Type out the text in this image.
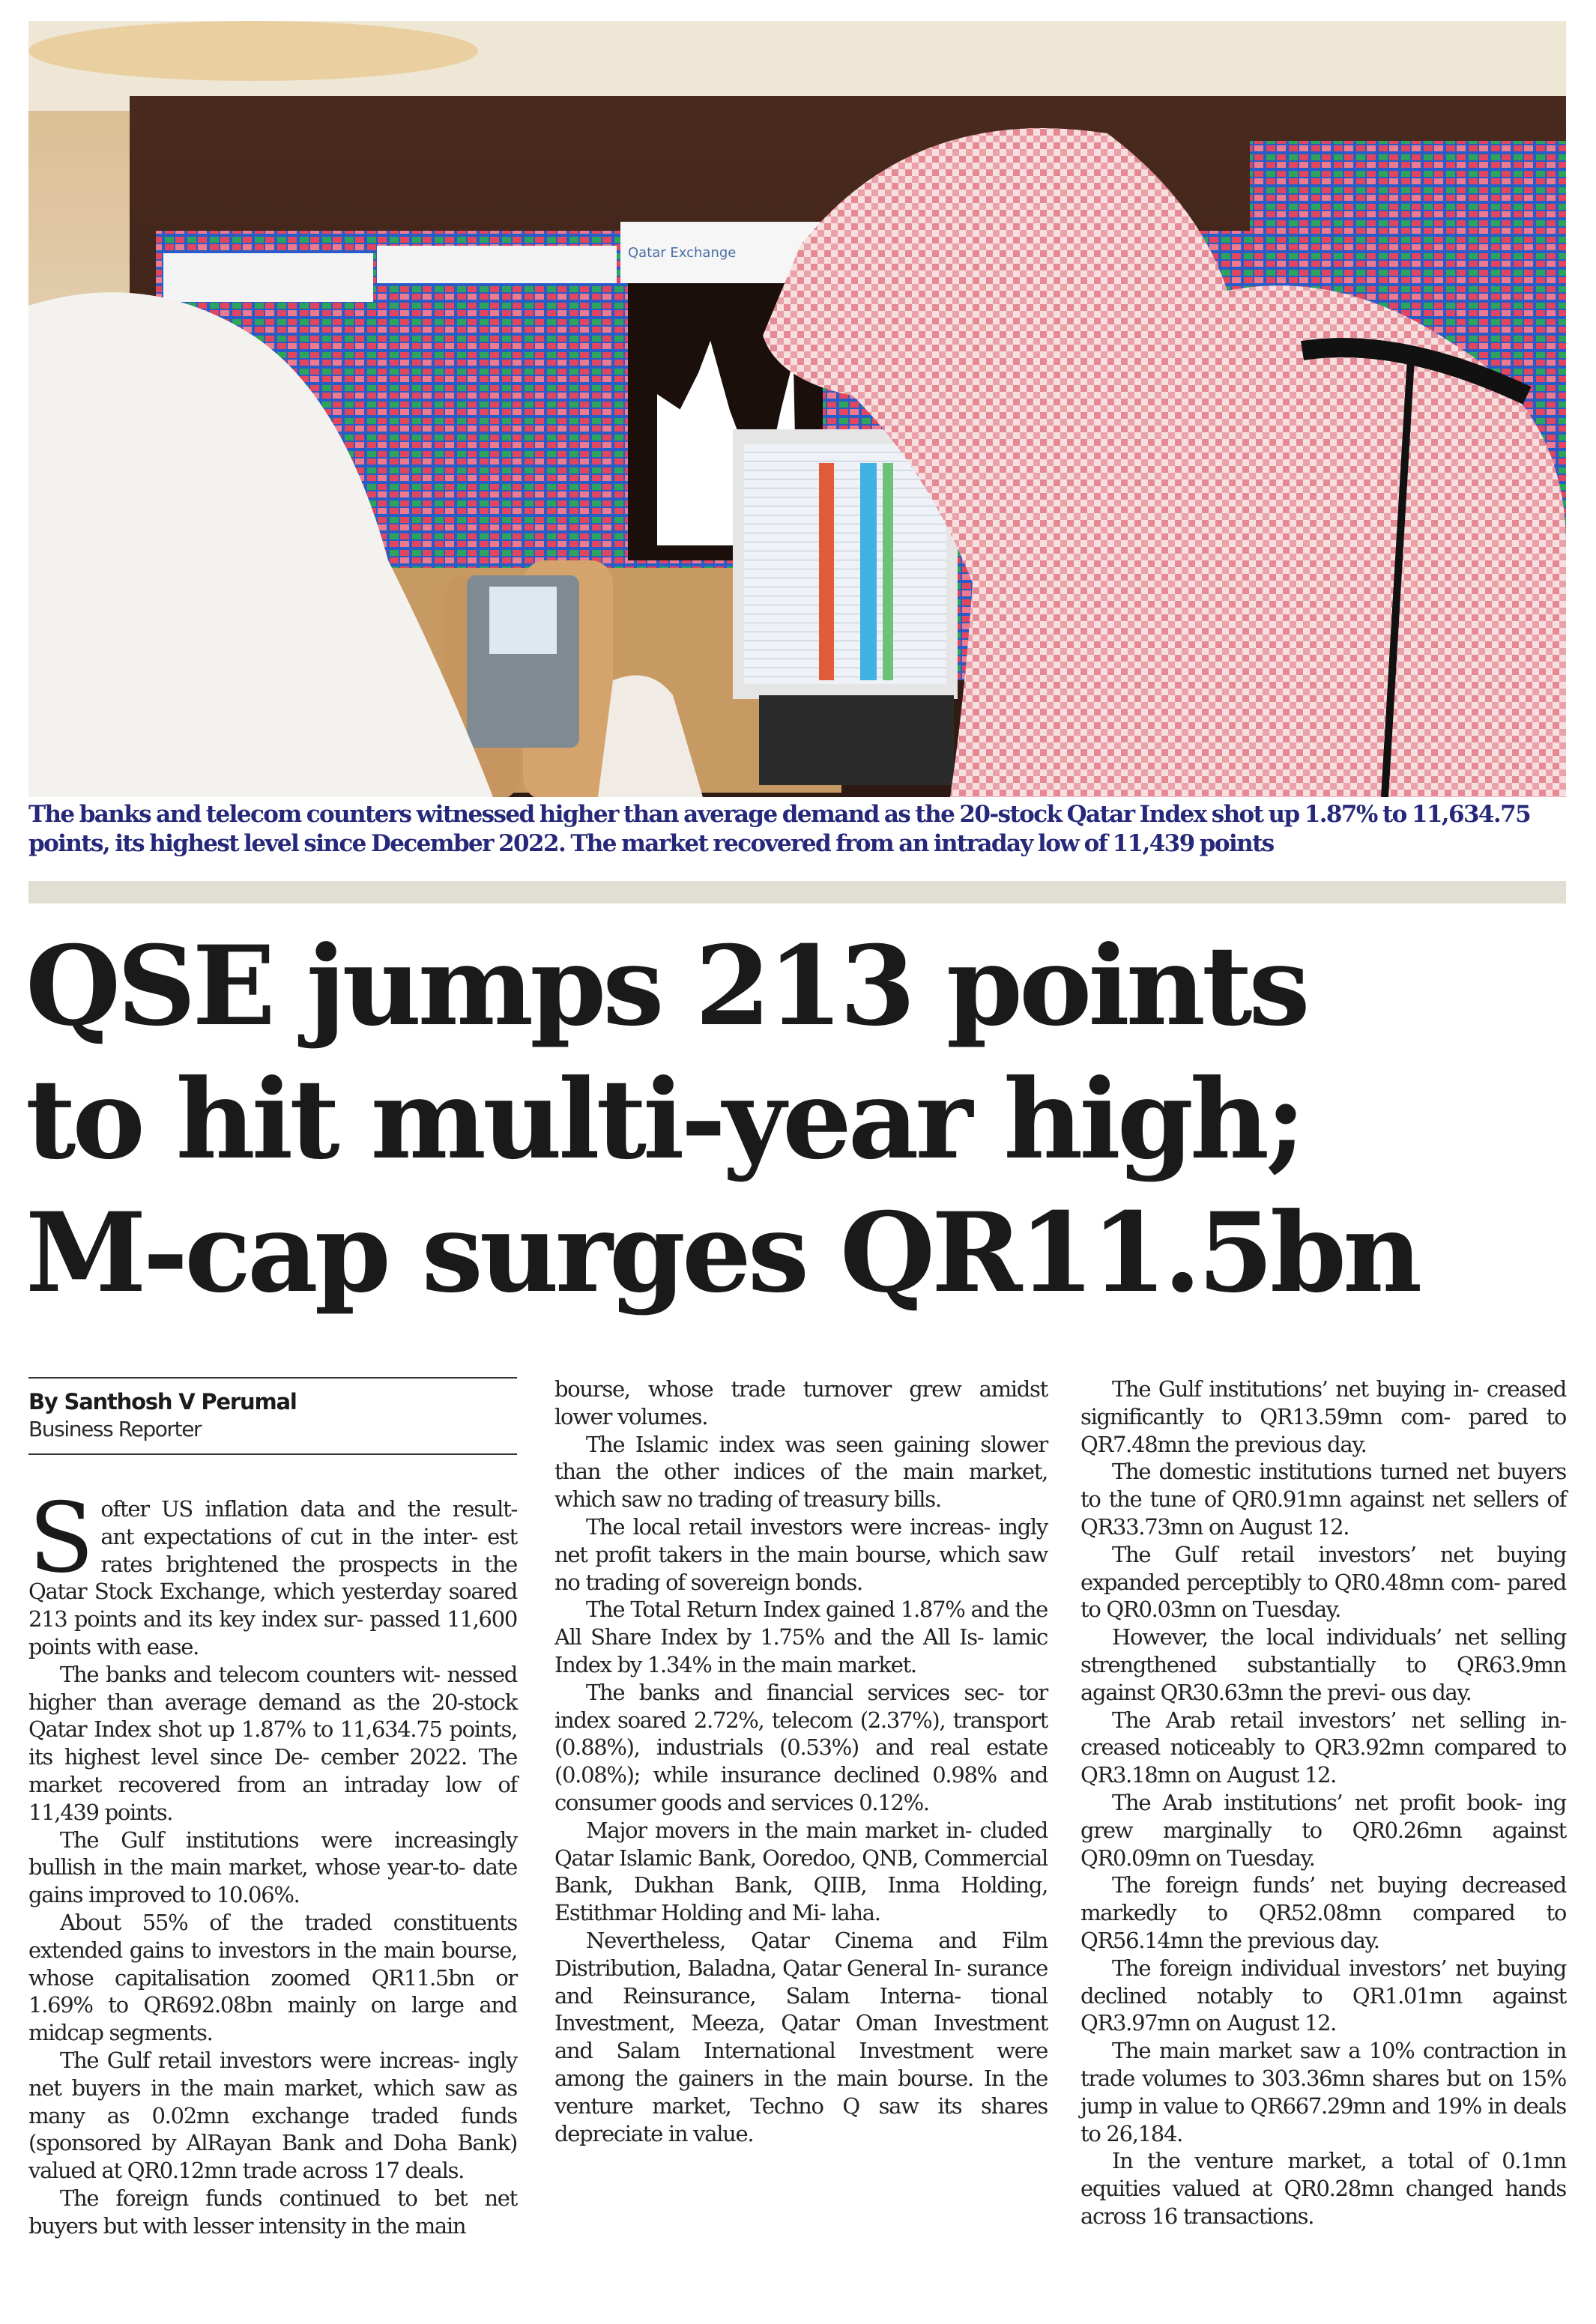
Qatar Exchange
The banks and telecom counters witnessed higher than average demand as the 20-stock Qatar Index shot up 1.87% to 11,634.75 points, its highest level since December 2022. The market recovered from an intraday low of 11,439 points
QSE jumps 213 points
to hit multi-year high;
M-cap surges QR11.5bn
By Santhosh V Perumal
Business Reporter

Softer US inflation data and the result- ant expectations of cut in the inter- est rates brightened the prospects in the Qatar Stock Exchange, which yesterday soared 213 points and its key index sur- passed 11,600 points with ease.

The banks and telecom counters wit- nessed higher than average demand as the 20-stock Qatar Index shot up 1.87% to 11,634.75 points, its highest level since De- cember 2022. The market recovered from an intraday low of 11,439 points.

The Gulf institutions were increasingly bullish in the main market, whose year-to- date gains improved to 10.06%.

About 55% of the traded constituents extended gains to investors in the main bourse, whose capitalisation zoomed QR11.5bn or 1.69% to QR692.08bn mainly on large and midcap segments.

The Gulf retail investors were increas- ingly net buyers in the main market, which saw as many as 0.02mn exchange traded funds (sponsored by AlRayan Bank and Doha Bank) valued at QR0.12mn trade across 17 deals.

The foreign funds continued to bet net buyers but with lesser intensity in the main

bourse, whose trade turnover grew amidst lower volumes.

The Islamic index was seen gaining slower than the other indices of the main market, which saw no trading of treasury bills.

The local retail investors were increas- ingly net profit takers in the main bourse, which saw no trading of sovereign bonds.

The Total Return Index gained 1.87% and the All Share Index by 1.75% and the All Is- lamic Index by 1.34% in the main market.

The banks and financial services sec- tor index soared 2.72%, telecom (2.37%), transport (0.88%), industrials (0.53%) and real estate (0.08%); while insurance declined 0.98% and consumer goods and services 0.12%.

Major movers in the main market in- cluded Qatar Islamic Bank, Ooredoo, QNB, Commercial Bank, Dukhan Bank, QIIB, Inma Holding, Estithmar Holding and Mi- laha.

Nevertheless, Qatar Cinema and Film Distribution, Baladna, Qatar General In- surance and Reinsurance, Salam Interna- tional Investment, Meeza, Qatar Oman Investment and Salam International Investment were among the gainers in the main bourse. In the venture market, Techno Q saw its shares depreciate in value.

The Gulf institutions’ net buying in- creased significantly to QR13.59mn com- pared to QR7.48mn the previous day.

The domestic institutions turned net buyers to the tune of QR0.91mn against net sellers of QR33.73mn on August 12.

The Gulf retail investors’ net buying expanded perceptibly to QR0.48mn com- pared to QR0.03mn on Tuesday.

However, the local individuals’ net selling strengthened substantially to QR63.9mn against QR30.63mn the previ- ous day.

The Arab retail investors’ net selling in- creased noticeably to QR3.92mn compared to QR3.18mn on August 12.

The Arab institutions’ net profit book- ing grew marginally to QR0.26mn against QR0.09mn on Tuesday.

The foreign funds’ net buying decreased markedly to QR52.08mn compared to QR56.14mn the previous day.

The foreign individual investors’ net buying declined notably to QR1.01mn against QR3.97mn on August 12.

The main market saw a 10% contraction in trade volumes to 303.36mn shares but on 15% jump in value to QR667.29mn and 19% in deals to 26,184.

In the venture market, a total of 0.1mn equities valued at QR0.28mn changed hands across 16 transactions.
